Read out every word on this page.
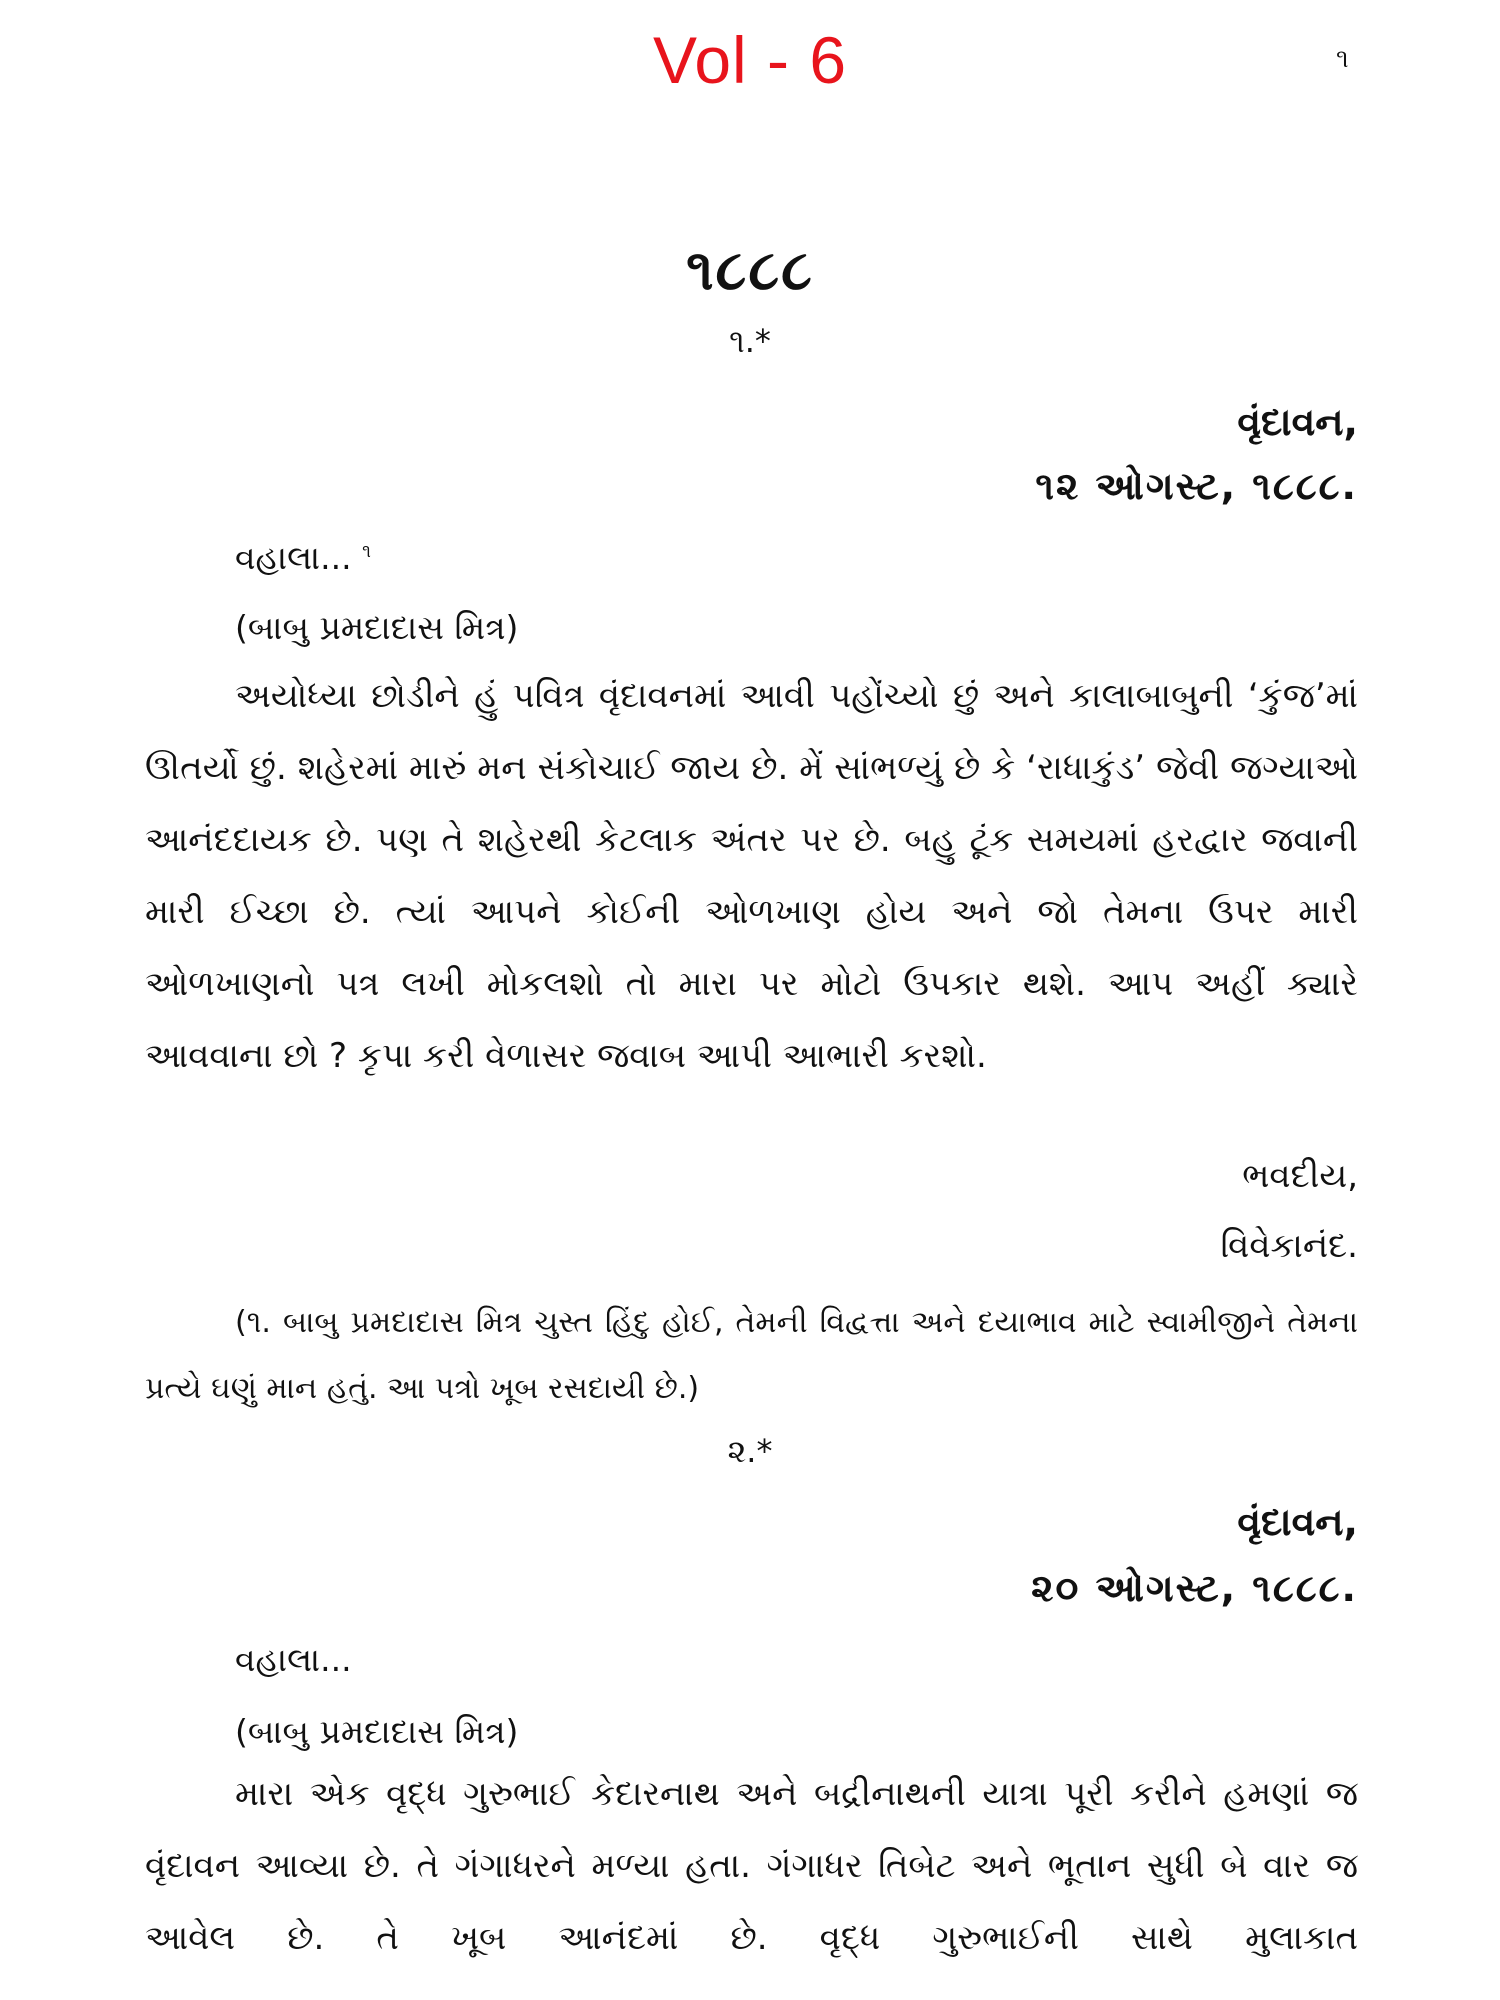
Vol - 6	૧
૧૮૮૮
૧.*
વૃંદાવન,
૧૨ ઓગસ્ટ, ૧૮૮૮.
વહાલા... $^૧$
(બાબુ પ્રમદાદાસ મિત્ર)

અયોધ્યા છોડીને હું પવિત્ર વૃંદાવનમાં આવી પહોંચ્યો છું અને કાલાબાબુની ‘કુંજ’માં ઊતર્યો છું. શહેરમાં મારું મન સંકોચાઈ જાય છે. મેં સાંભળ્યું છે કે ‘રાધાકુંડ’ જેવી જગ્યાઓ આનંદદાયક છે. પણ તે શહેરથી કેટલાક અંતર પર છે. બહુ ટૂંક સમયમાં હરદ્વાર જવાની મારી ઈચ્છા છે. ત્યાં આપને કોઈની ઓળખાણ હોય અને જો તેમના ઉપર મારી ઓળખાણનો પત્ર લખી મોકલશો તો મારા પર મોટો ઉપકાર થશે. આપ અહીં ક્યારે આવવાના છો ? કૃપા કરી વેળાસર જવાબ આપી આભારી કરશો.

ભવદીય,
વિવેકાનંદ.

(૧. બાબુ પ્રમદાદાસ મિત્ર ચુસ્ત હિંદુ હોઈ, તેમની વિદ્વત્તા અને દયાભાવ માટે સ્વામીજીને તેમના પ્રત્યે ઘણું માન હતું. આ પત્રો ખૂબ રસદાયી છે.)

૨.*
વૃંદાવન,
૨૦ ઓગસ્ટ, ૧૮૮૮.
વહાલા...
(બાબુ પ્રમદાદાસ મિત્ર)

મારા એક વૃદ્ધ ગુરુભાઈ કેદારનાથ અને બદ્રીનાથની યાત્રા પૂરી કરીને હમણાં જ વૃંદાવન આવ્યા છે. તે ગંગાધરને મળ્યા હતા. ગંગાધર તિબેટ અને ભૂતાન સુધી બે વાર જ આવેલ છે. તે ખૂબ આનંદમાં છે. વૃદ્ધ ગુરુભાઈની સાથે મુલાકાત
